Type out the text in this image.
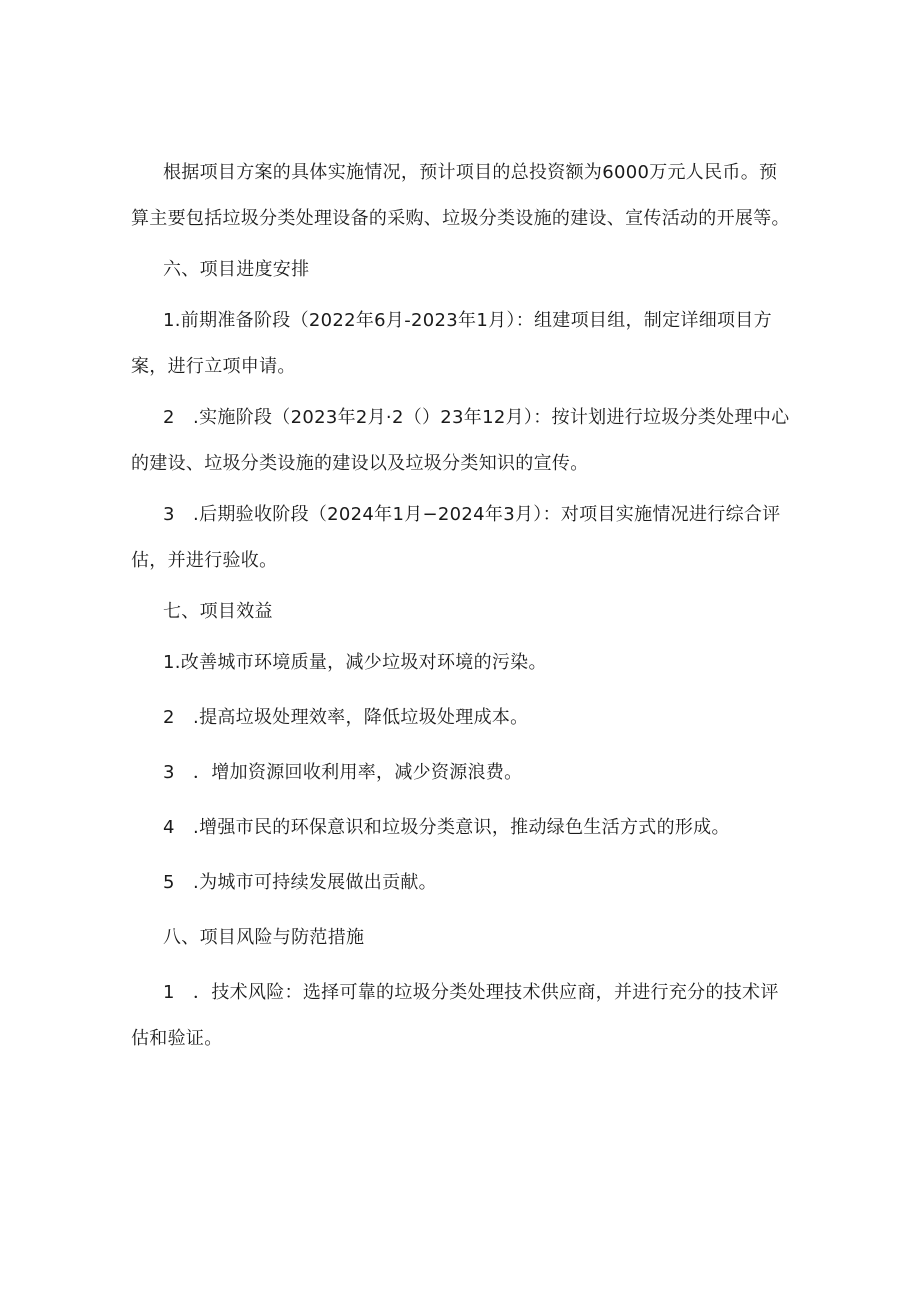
根据项目方案的具体实施情况，预计项目的总投资额为6000万元人民币。预算主要包括垃圾分类处理设备的采购、垃圾分类设施的建设、宣传活动的开展等。

六、项目进度安排

1.前期准备阶段（2022年6月-2023年1月）：组建项目组，制定详细项目方案，进行立项申请。

2　.实施阶段（2023年2月·2（）23年12月）：按计划进行垃圾分类处理中心的建设、垃圾分类设施的建设以及垃圾分类知识的宣传。

3　.后期验收阶段（2024年1月−2024年3月）：对项目实施情况进行综合评估，并进行验收。

七、项目效益

1.改善城市环境质量，减少垃圾对环境的污染。

2　.提高垃圾处理效率，降低垃圾处理成本。

3　．增加资源回收利用率，减少资源浪费。

4　.增强市民的环保意识和垃圾分类意识，推动绿色生活方式的形成。

5　.为城市可持续发展做出贡献。

八、项目风险与防范措施

1　．技术风险：选择可靠的垃圾分类处理技术供应商，并进行充分的技术评估和验证。
